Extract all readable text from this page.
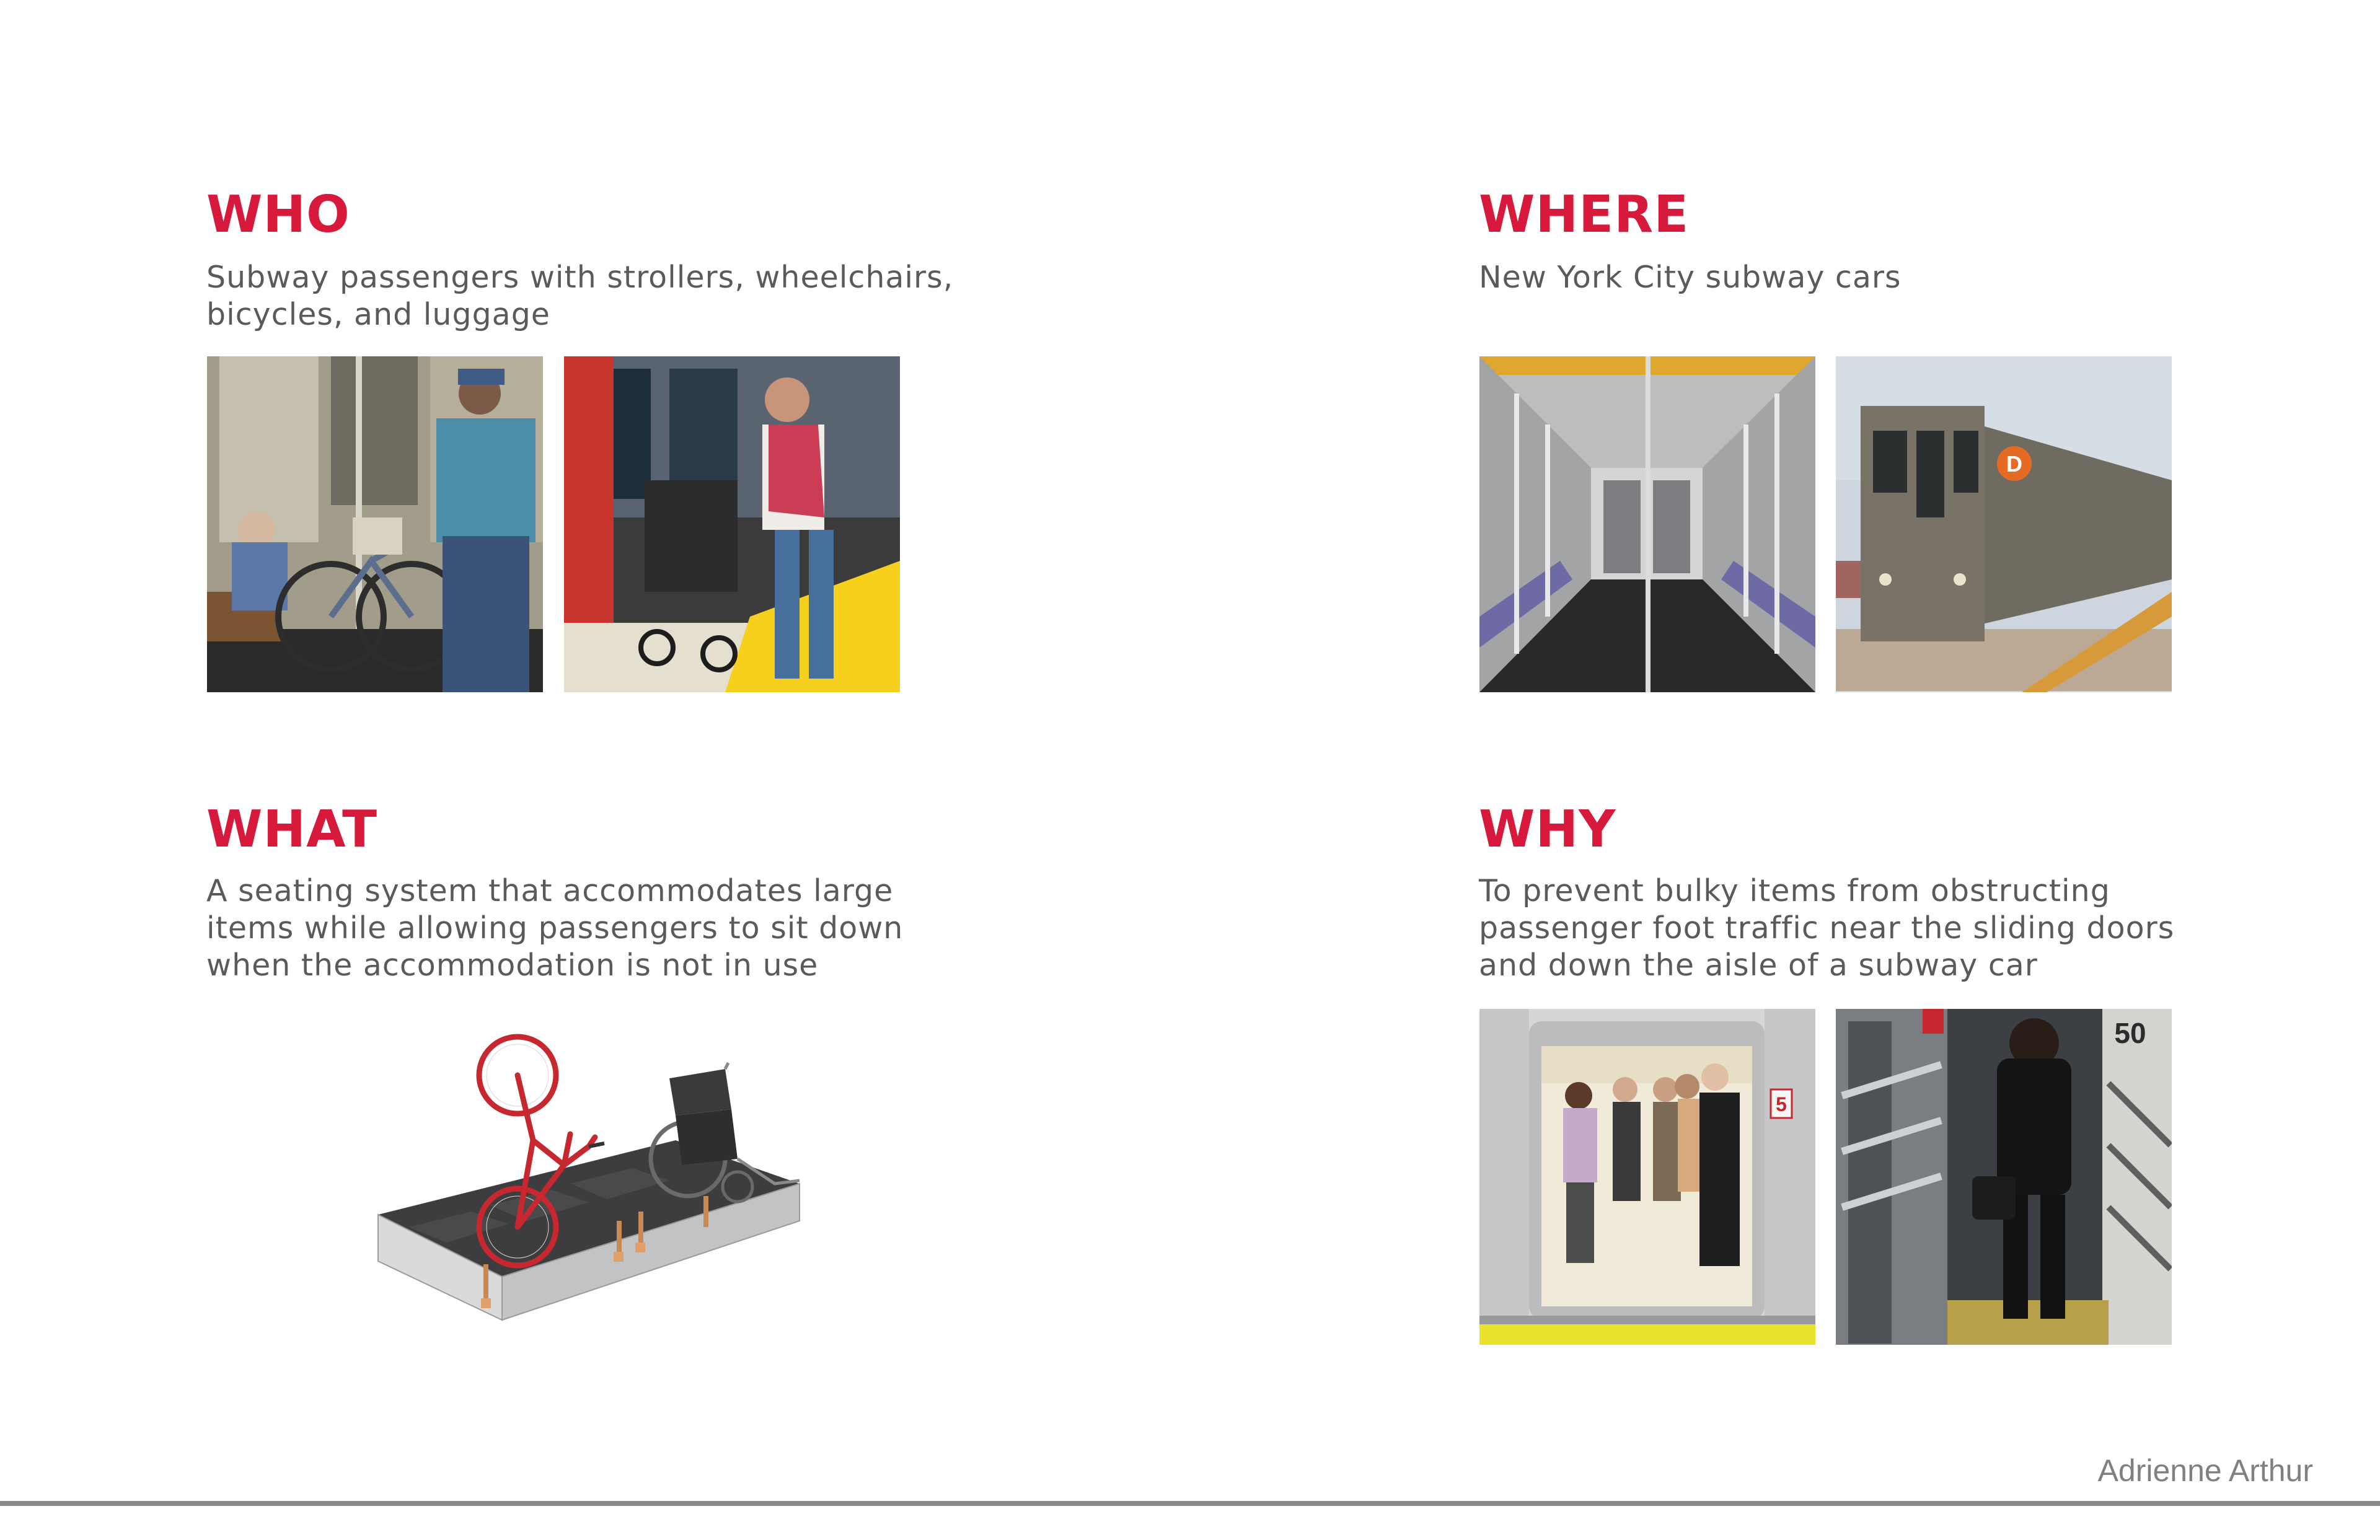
WHO

Subway passengers with strollers, wheelchairs,
bicycles, and luggage

WHERE

New York City subway cars

D
WHAT

A seating system that accommodates large
items while allowing passengers to sit down
when the accommodation is not in use

WHY

To prevent bulky items from obstructing
passenger foot traffic near the sliding doors
and down the aisle of a subway car

5
50
Adrienne Arthur
